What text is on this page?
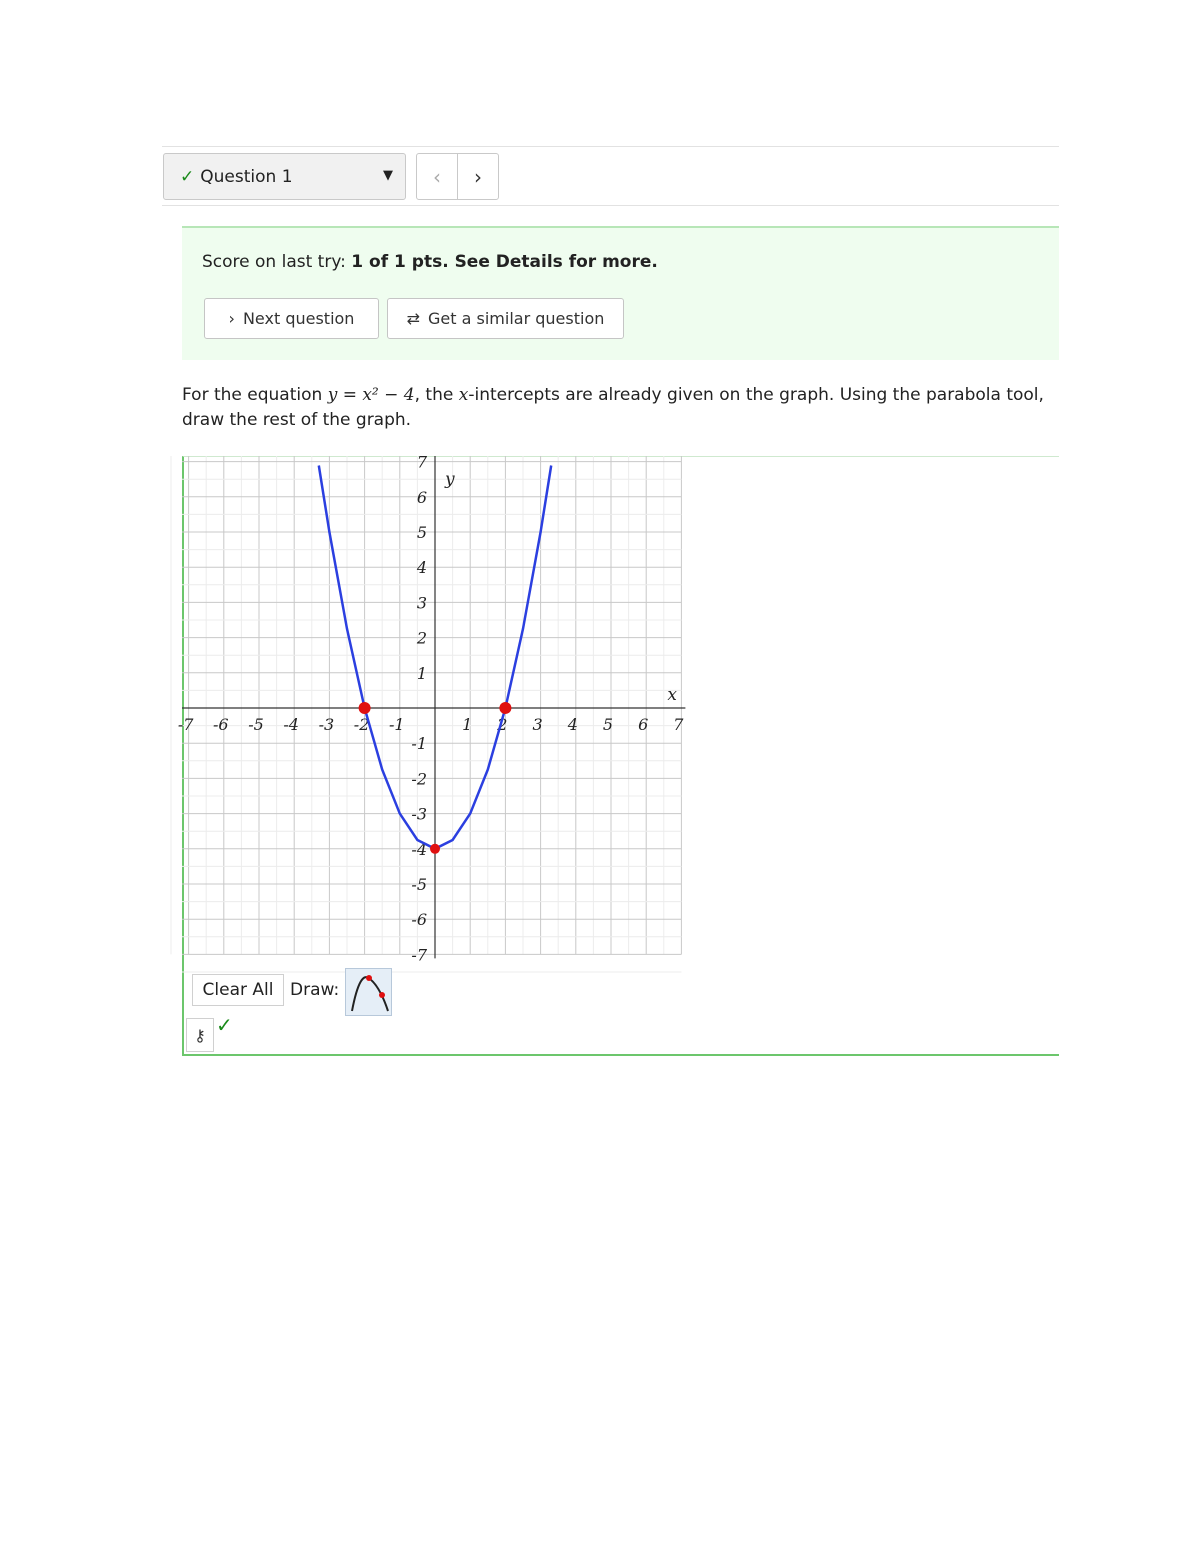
✓ Question 1	▼ ‹ ›
Score on last try: 1 of 1 pts. See Details for more.
› Next question	⇄ Get a similar question
For the equation y = x² − 4, the x-intercepts are already given on the graph. Using the parabola tool, draw the rest of the graph.
-7 -6 -5 -4 -3 -2 -1	1 2 3 4 5 6 7
7
6
5
4
3
2
1
-1
-2
-3
-4
-5
-6
-7
x
y
Clear All Draw:
⚷ ✓
